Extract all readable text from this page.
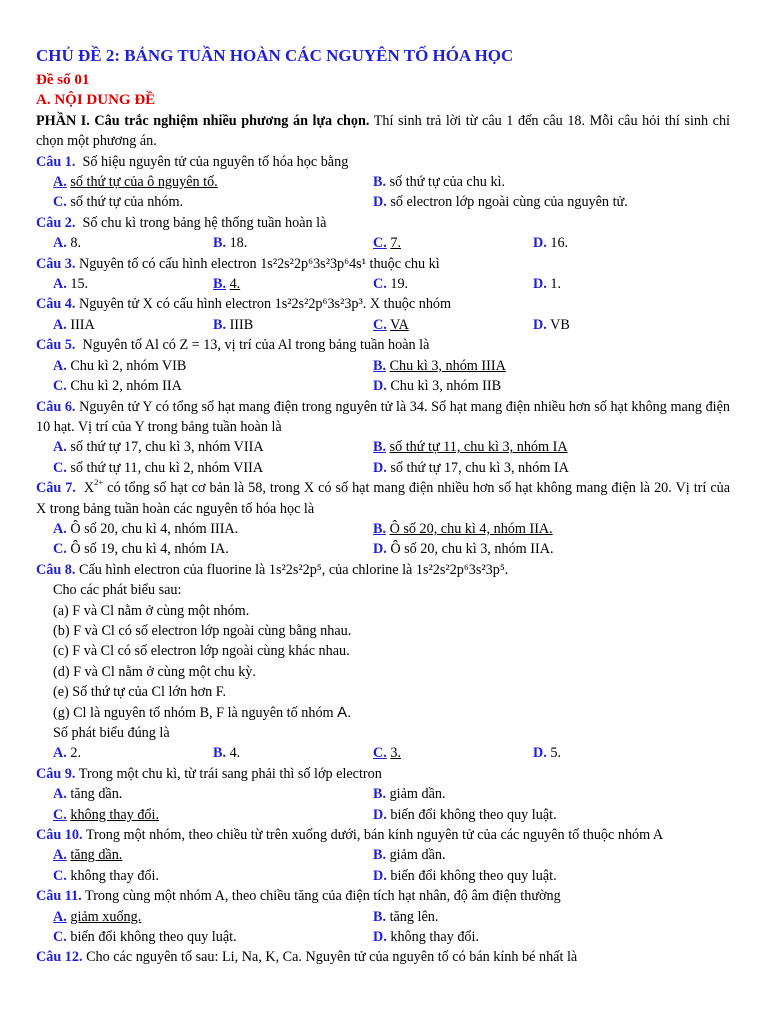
CHỦ ĐỀ 2: BẢNG TUẦN HOÀN CÁC NGUYÊN TỐ HÓA HỌC
Đề số 01
A. NỘI DUNG ĐỀ

PHẦN I. Câu trắc nghiệm nhiều phương án lựa chọn. Thí sinh trả lời từ câu 1 đến câu 18. Mỗi câu hỏi thí sinh chỉ chọn một phương án.

Câu 1. Số hiệu nguyên tử của nguyên tố hóa học bằng

A. số thứ tự của ô nguyên tố.	B. số thứ tự của chu kì.
C. số thứ tự của nhóm.	D. số electron lớp ngoài cùng của nguyên tử.

Câu 2. Số chu kì trong bảng hệ thống tuần hoàn là

A. 8.	B. 18.	C. 7.	D. 16.

Câu 3. Nguyên tố có cấu hình electron 1s²2s²2p⁶3s²3p⁶4s¹ thuộc chu kì

A. 15.	B. 4.	C. 19.	D. 1.

Câu 4. Nguyên tử X có cấu hình electron 1s²2s²2p⁶3s²3p³. X thuộc nhóm

A. IIIA	B. IIIB	C. VA	D. VB

Câu 5. Nguyên tố Al có Z = 13, vị trí của Al trong bảng tuần hoàn là

A. Chu kì 2, nhóm VIB	B. Chu kì 3, nhóm IIIA
C. Chu kì 2, nhóm IIA	D. Chu kì 3, nhóm IIB

Câu 6. Nguyên tử Y có tổng số hạt mang điện trong nguyên tử là 34. Số hạt mang điện nhiều hơn số hạt không mang điện 10 hạt. Vị trí của Y trong bảng tuần hoàn là

A. số thứ tự 17, chu kì 3, nhóm VIIA	B. số thứ tự 11, chu kì 3, nhóm IA
C. số thứ tự 11, chu kì 2, nhóm VIIA	D. số thứ tự 17, chu kì 3, nhóm IA

Câu 7. $X^{2+}$ có tổng số hạt cơ bản là 58, trong X có số hạt mang điện nhiều hơn số hạt không mang điện là 20. Vị trí của X trong bảng tuần hoàn các nguyên tố hóa học là

A. Ô số 20, chu kì 4, nhóm IIIA.	B. Ô số 20, chu kì 4, nhóm IIA.
C. Ô số 19, chu kì 4, nhóm IA.	D. Ô số 20, chu kì 3, nhóm IIA.

Câu 8. Cấu hình electron của fluorine là 1s²2s²2p⁵, của chlorine là 1s²2s²2p⁶3s²3p⁵.

Cho các phát biểu sau:

(a) F và Cl nằm ở cùng một nhóm.

(b) F và Cl có số electron lớp ngoài cùng bằng nhau.

(c) F và Cl có số electron lớp ngoài cùng khác nhau.

(d) F và Cl nằm ở cùng một chu kỳ.

(e) Số thứ tự của Cl lớn hơn F.

(g) Cl là nguyên tố nhóm B, F là nguyên tố nhóm A.

Số phát biểu đúng là

A. 2.	B. 4.	C. 3.	D. 5.

Câu 9. Trong một chu kì, từ trái sang phải thì số lớp electron

A. tăng dần.	B. giảm dần.
C. không thay đổi.	D. biến đổi không theo quy luật.

Câu 10. Trong một nhóm, theo chiều từ trên xuống dưới, bán kính nguyên tử của các nguyên tố thuộc nhóm A

A. tăng dần.	B. giảm dần.
C. không thay đổi.	D. biến đổi không theo quy luật.

Câu 11. Trong cùng một nhóm A, theo chiều tăng của điện tích hạt nhân, độ âm điện thường

A. giảm xuống.	B. tăng lên.
C. biến đổi không theo quy luật.	D. không thay đổi.

Câu 12. Cho các nguyên tố sau: Li, Na, K, Ca. Nguyên tử của nguyên tố có bán kính bé nhất là
